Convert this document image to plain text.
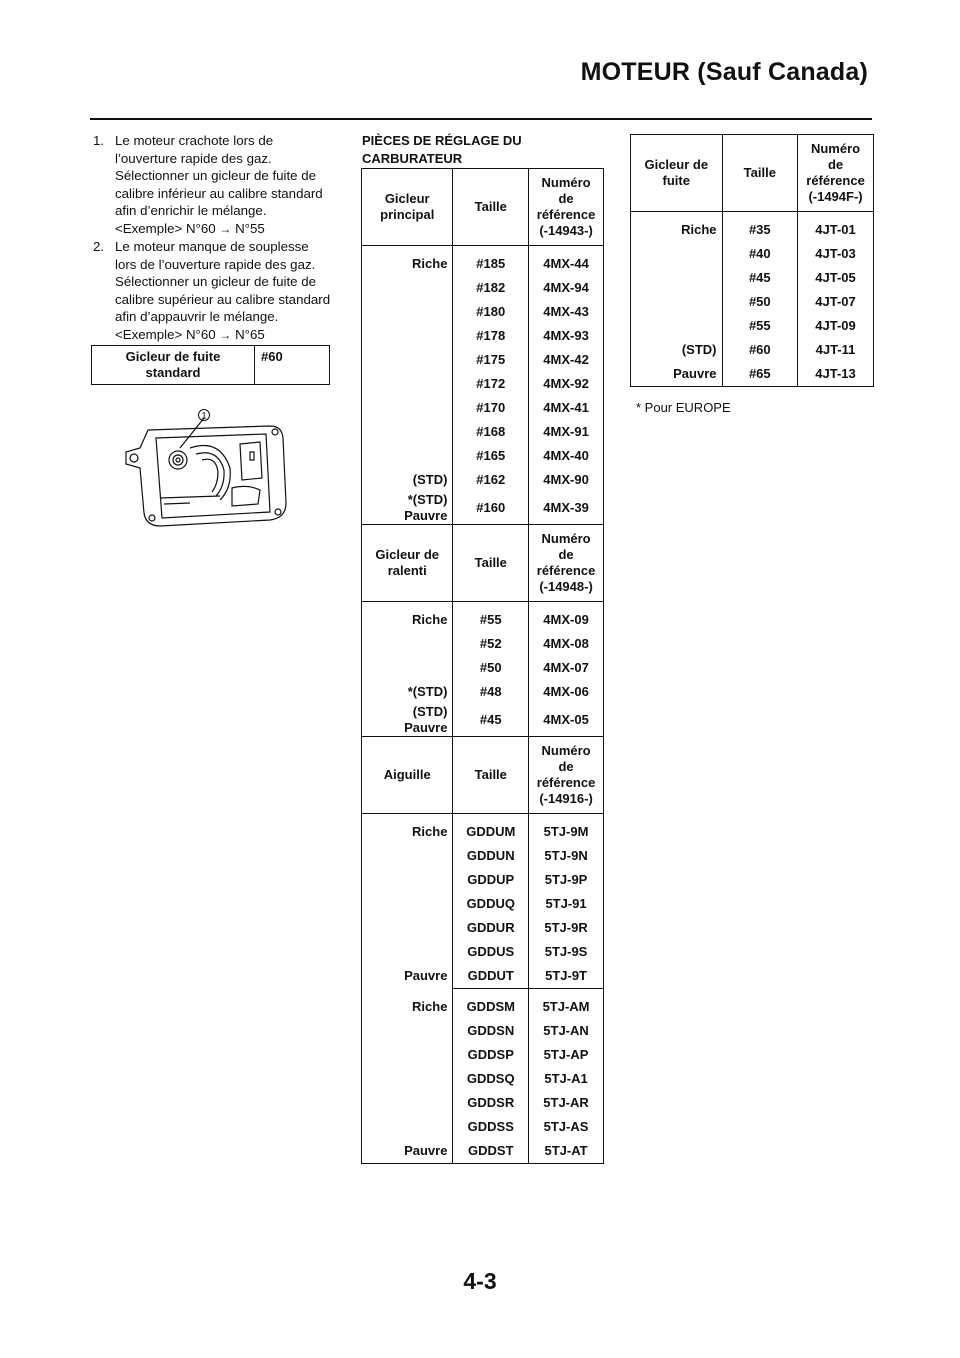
MOTEUR (Sauf Canada)
1. Le moteur crachote lors de l’ouverture rapide des gaz. Sélectionner un gicleur de fuite de calibre inférieur au calibre standard afin d’enrichir le mélange.
<Exemple> N°60 → N°55
2. Le moteur manque de souplesse lors de l’ouverture rapide des gaz. Sélectionner un gicleur de fuite de calibre supérieur au calibre standard afin d’appauvrir le mélange.
<Exemple> N°60 → N°65
Gicleur de fuite standard	#60
1
PIÈCES DE RÉGLAGE DU CARBURATEUR
Gicleur principal	Taille	Numéro de référence (-14943-)
Riche	#185	4MX-44
	#182	4MX-94
	#180	4MX-43
	#178	4MX-93
	#175	4MX-42
	#172	4MX-92
	#170	4MX-41
	#168	4MX-91
	#165	4MX-40
(STD)	#162	4MX-90
*(STD) Pauvre	#160	4MX-39
Gicleur de ralenti	Taille	Numéro de référence (-14948-)
Riche	#55	4MX-09
	#52	4MX-08
	#50	4MX-07
*(STD)	#48	4MX-06
(STD) Pauvre	#45	4MX-05
Aiguille	Taille	Numéro de référence (-14916-)
Riche	GDDUM	5TJ-9M
	GDDUN	5TJ-9N
	GDDUP	5TJ-9P
	GDDUQ	5TJ-91
	GDDUR	5TJ-9R
	GDDUS	5TJ-9S
Pauvre	GDDUT	5TJ-9T
Riche	GDDSM	5TJ-AM
	GDDSN	5TJ-AN
	GDDSP	5TJ-AP
	GDDSQ	5TJ-A1
	GDDSR	5TJ-AR
	GDDSS	5TJ-AS
Pauvre	GDDST	5TJ-AT
Gicleur de fuite	Taille	Numéro de référence (-1494F-)
Riche	#35	4JT-01
	#40	4JT-03
	#45	4JT-05
	#50	4JT-07
	#55	4JT-09
(STD)	#60	4JT-11
Pauvre	#65	4JT-13
* Pour EUROPE
4-3
